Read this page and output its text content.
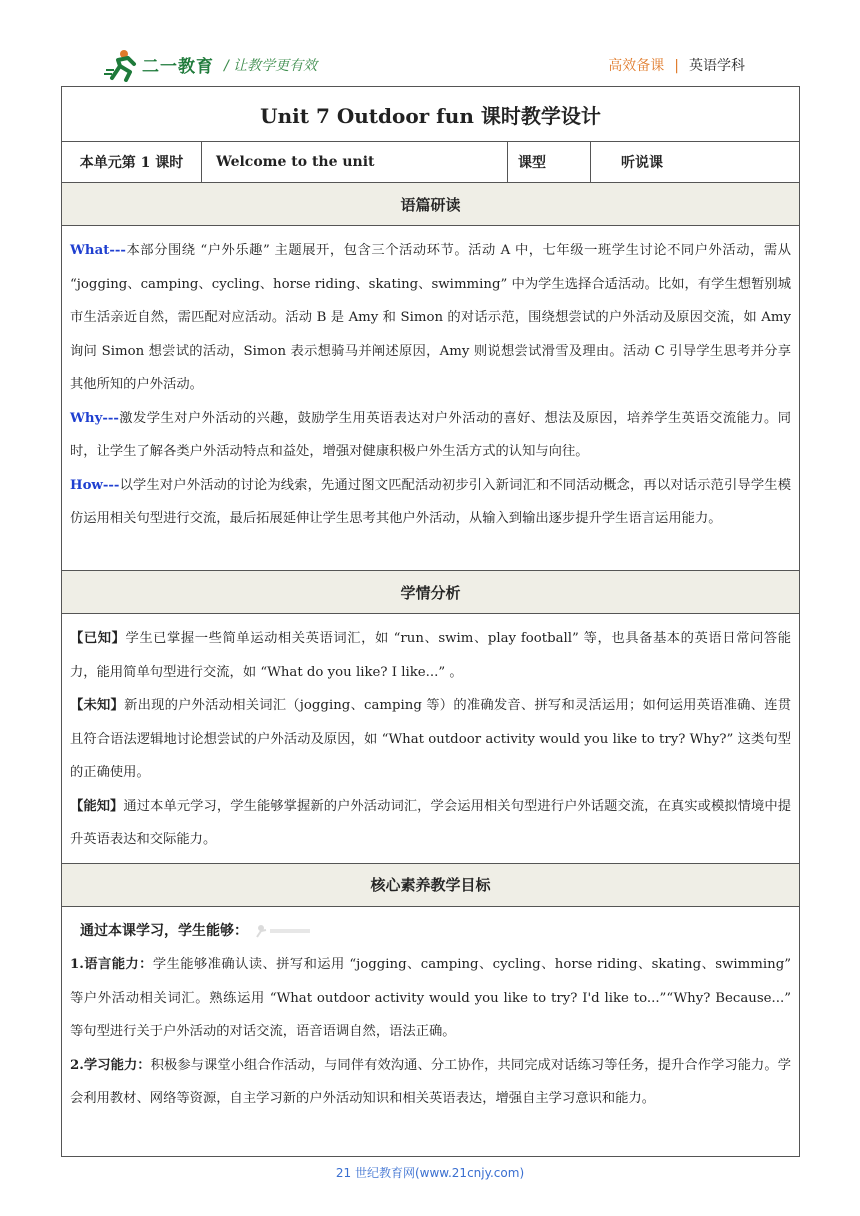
二一教育 / 让教学更有效	高效备课 | 英语学科
Unit 7 Outdoor fun 课时教学设计
本单元第 1 课时	Welcome to the unit	课型	听说课
语篇研读

What---本部分围绕 “户外乐趣” 主题展开，包含三个活动环节。活动 A 中，七年级一班学生讨论不同户外活动，需从 “jogging、camping、cycling、horse riding、skating、swimming” 中为学生选择合适活动。比如，有学生想暂别城市生活亲近自然，需匹配对应活动。活动 B 是 Amy 和 Simon 的对话示范，围绕想尝试的户外活动及原因交流，如 Amy 询问 Simon 想尝试的活动，Simon 表示想骑马并阐述原因，Amy 则说想尝试滑雪及理由。活动 C 引导学生思考并分享其他所知的户外活动。

Why---激发学生对户外活动的兴趣，鼓励学生用英语表达对户外活动的喜好、想法及原因，培养学生英语交流能力。同时，让学生了解各类户外活动特点和益处，增强对健康积极户外生活方式的认知与向往。

How---以学生对户外活动的讨论为线索，先通过图文匹配活动初步引入新词汇和不同活动概念，再以对话示范引导学生模仿运用相关句型进行交流，最后拓展延伸让学生思考其他户外活动，从输入到输出逐步提升学生语言运用能力。

学情分析

【已知】学生已掌握一些简单运动相关英语词汇，如 “run、swim、play football” 等，也具备基本的英语日常问答能力，能用简单句型进行交流，如 “What do you like? I like...” 。

【未知】新出现的户外活动相关词汇（jogging、camping 等）的准确发音、拼写和灵活运用；如何运用英语准确、连贯且符合语法逻辑地讨论想尝试的户外活动及原因，如 “What outdoor activity would you like to try? Why?” 这类句型的正确使用。

【能知】通过本单元学习，学生能够掌握新的户外活动词汇，学会运用相关句型进行户外话题交流，在真实或模拟情境中提升英语表达和交际能力。

核心素养教学目标

通过本课学习，学生能够：

1.语言能力：学生能够准确认读、拼写和运用 “jogging、camping、cycling、horse riding、skating、swimming” 等户外活动相关词汇。熟练运用 “What outdoor activity would you like to try? I'd like to...”“Why? Because...” 等句型进行关于户外活动的对话交流，语音语调自然，语法正确。

2.学习能力：积极参与课堂小组合作活动，与同伴有效沟通、分工协作，共同完成对话练习等任务，提升合作学习能力。学会利用教材、网络等资源，自主学习新的户外活动知识和相关英语表达，增强自主学习意识和能力。

21 世纪教育网(www.21cnjy.com)
